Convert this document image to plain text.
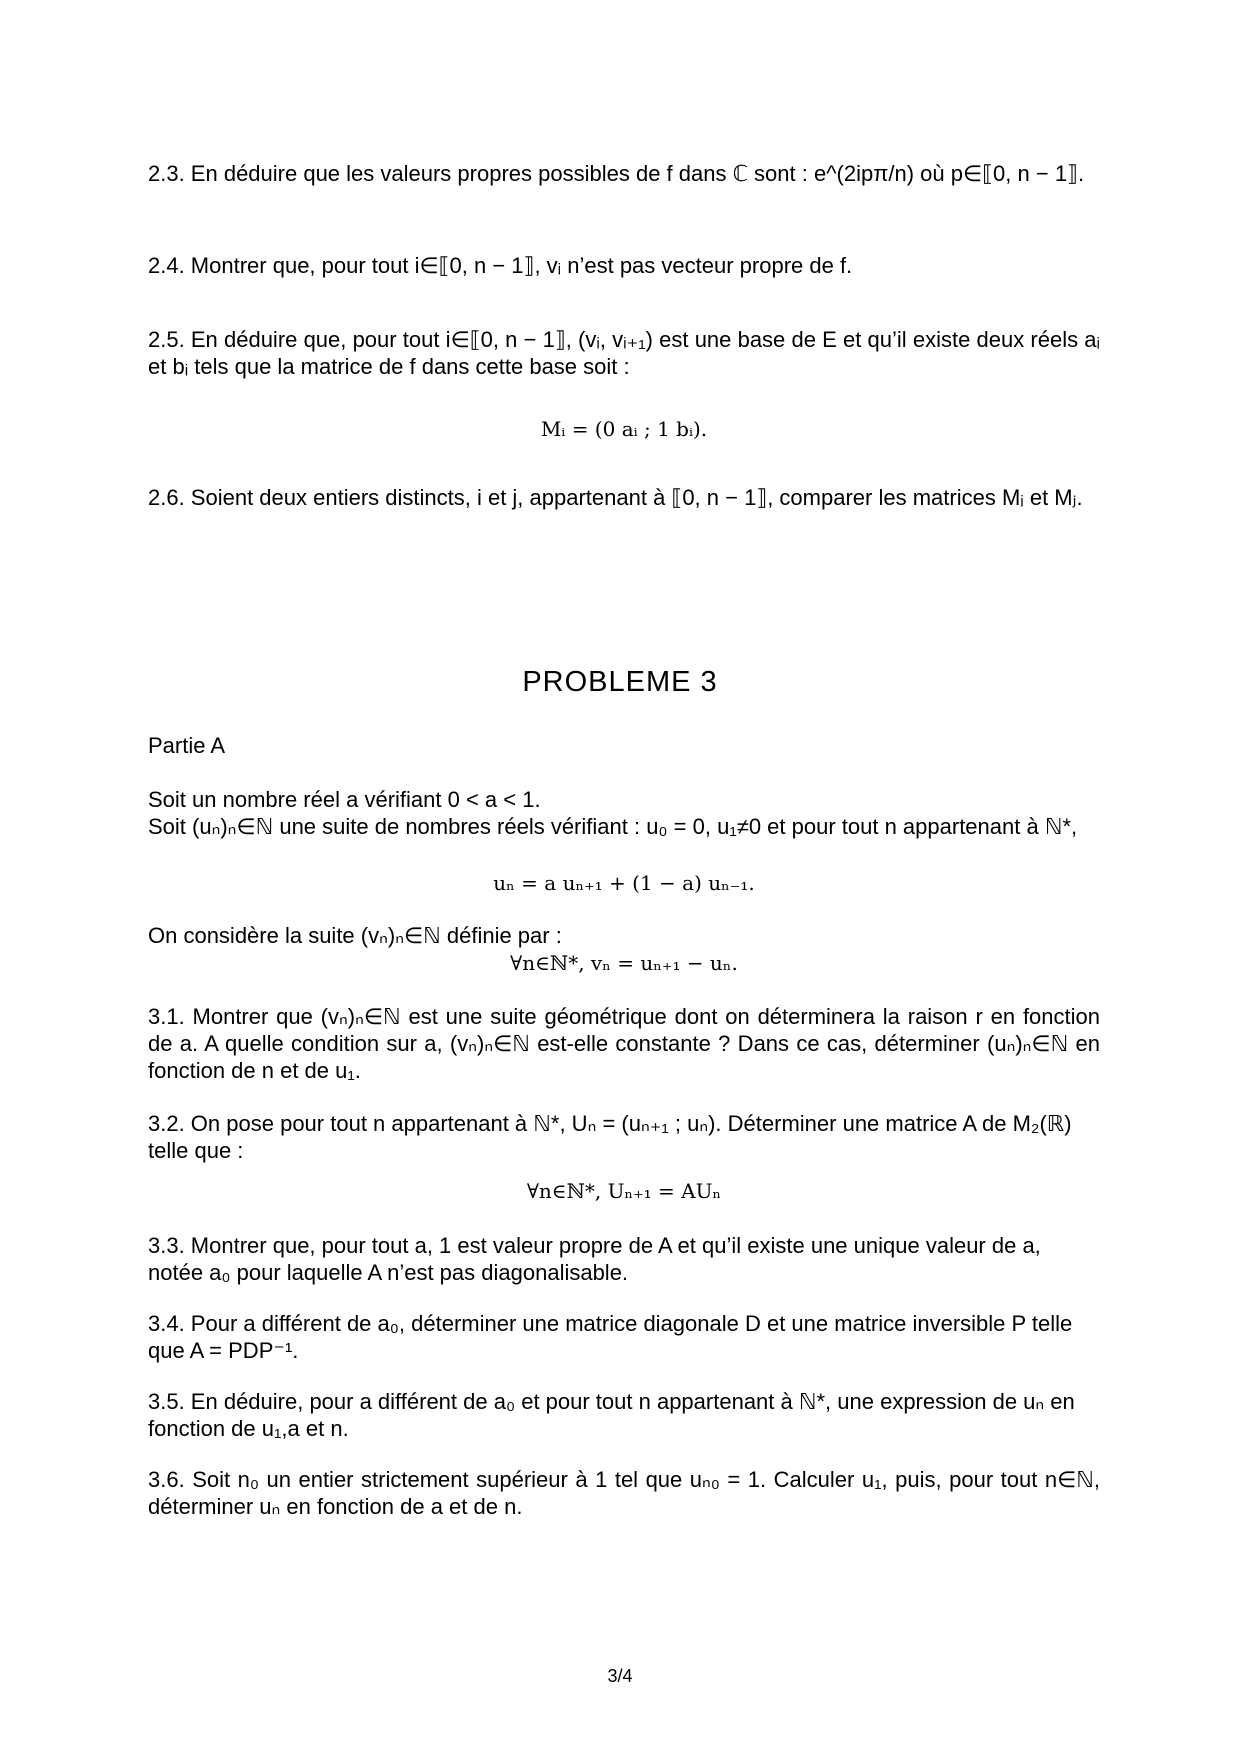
2.3. En déduire que les valeurs propres possibles de f dans ℂ sont : e^(2ipπ/n) où p∈⟦0, n − 1⟧.
2.4. Montrer que, pour tout i∈⟦0, n − 1⟧, vᵢ n’est pas vecteur propre de f.
2.5. En déduire que, pour tout i∈⟦0, n − 1⟧, (vᵢ, vᵢ₊₁) est une base de E et qu’il existe deux réels aᵢ et bᵢ tels que la matrice de f dans cette base soit :
Mᵢ = (0 aᵢ ; 1 bᵢ).
2.6. Soient deux entiers distincts, i et j, appartenant à ⟦0, n − 1⟧, comparer les matrices Mᵢ et Mⱼ.
PROBLEME 3
Partie A
Soit un nombre réel a vérifiant 0 < a < 1.
Soit (uₙ)ₙ∈ℕ une suite de nombres réels vérifiant : u₀ = 0, u₁≠0 et pour tout n appartenant à ℕ*,
uₙ = a uₙ₊₁ + (1 − a) uₙ₋₁.
On considère la suite (vₙ)ₙ∈ℕ définie par :
∀n∈ℕ*, vₙ = uₙ₊₁ − uₙ.
3.1. Montrer que (vₙ)ₙ∈ℕ est une suite géométrique dont on déterminera la raison r en fonction de a. A quelle condition sur a, (vₙ)ₙ∈ℕ est-elle constante ? Dans ce cas, déterminer (uₙ)ₙ∈ℕ en fonction de n et de u₁.
3.2. On pose pour tout n appartenant à ℕ*, Uₙ = (uₙ₊₁ ; uₙ). Déterminer une matrice A de M₂(ℝ) telle que :
∀n∈ℕ*, Uₙ₊₁ = AUₙ
3.3. Montrer que, pour tout a, 1 est valeur propre de A et qu’il existe une unique valeur de a, notée a₀ pour laquelle A n’est pas diagonalisable.
3.4. Pour a différent de a₀, déterminer une matrice diagonale D et une matrice inversible P telle que A = PDP⁻¹.
3.5. En déduire, pour a différent de a₀ et pour tout n appartenant à ℕ*, une expression de uₙ en fonction de u₁,a et n.
3.6. Soit n₀ un entier strictement supérieur à 1 tel que uₙ₀ = 1. Calculer u₁, puis, pour tout n∈ℕ, déterminer uₙ en fonction de a et de n.
3/4
